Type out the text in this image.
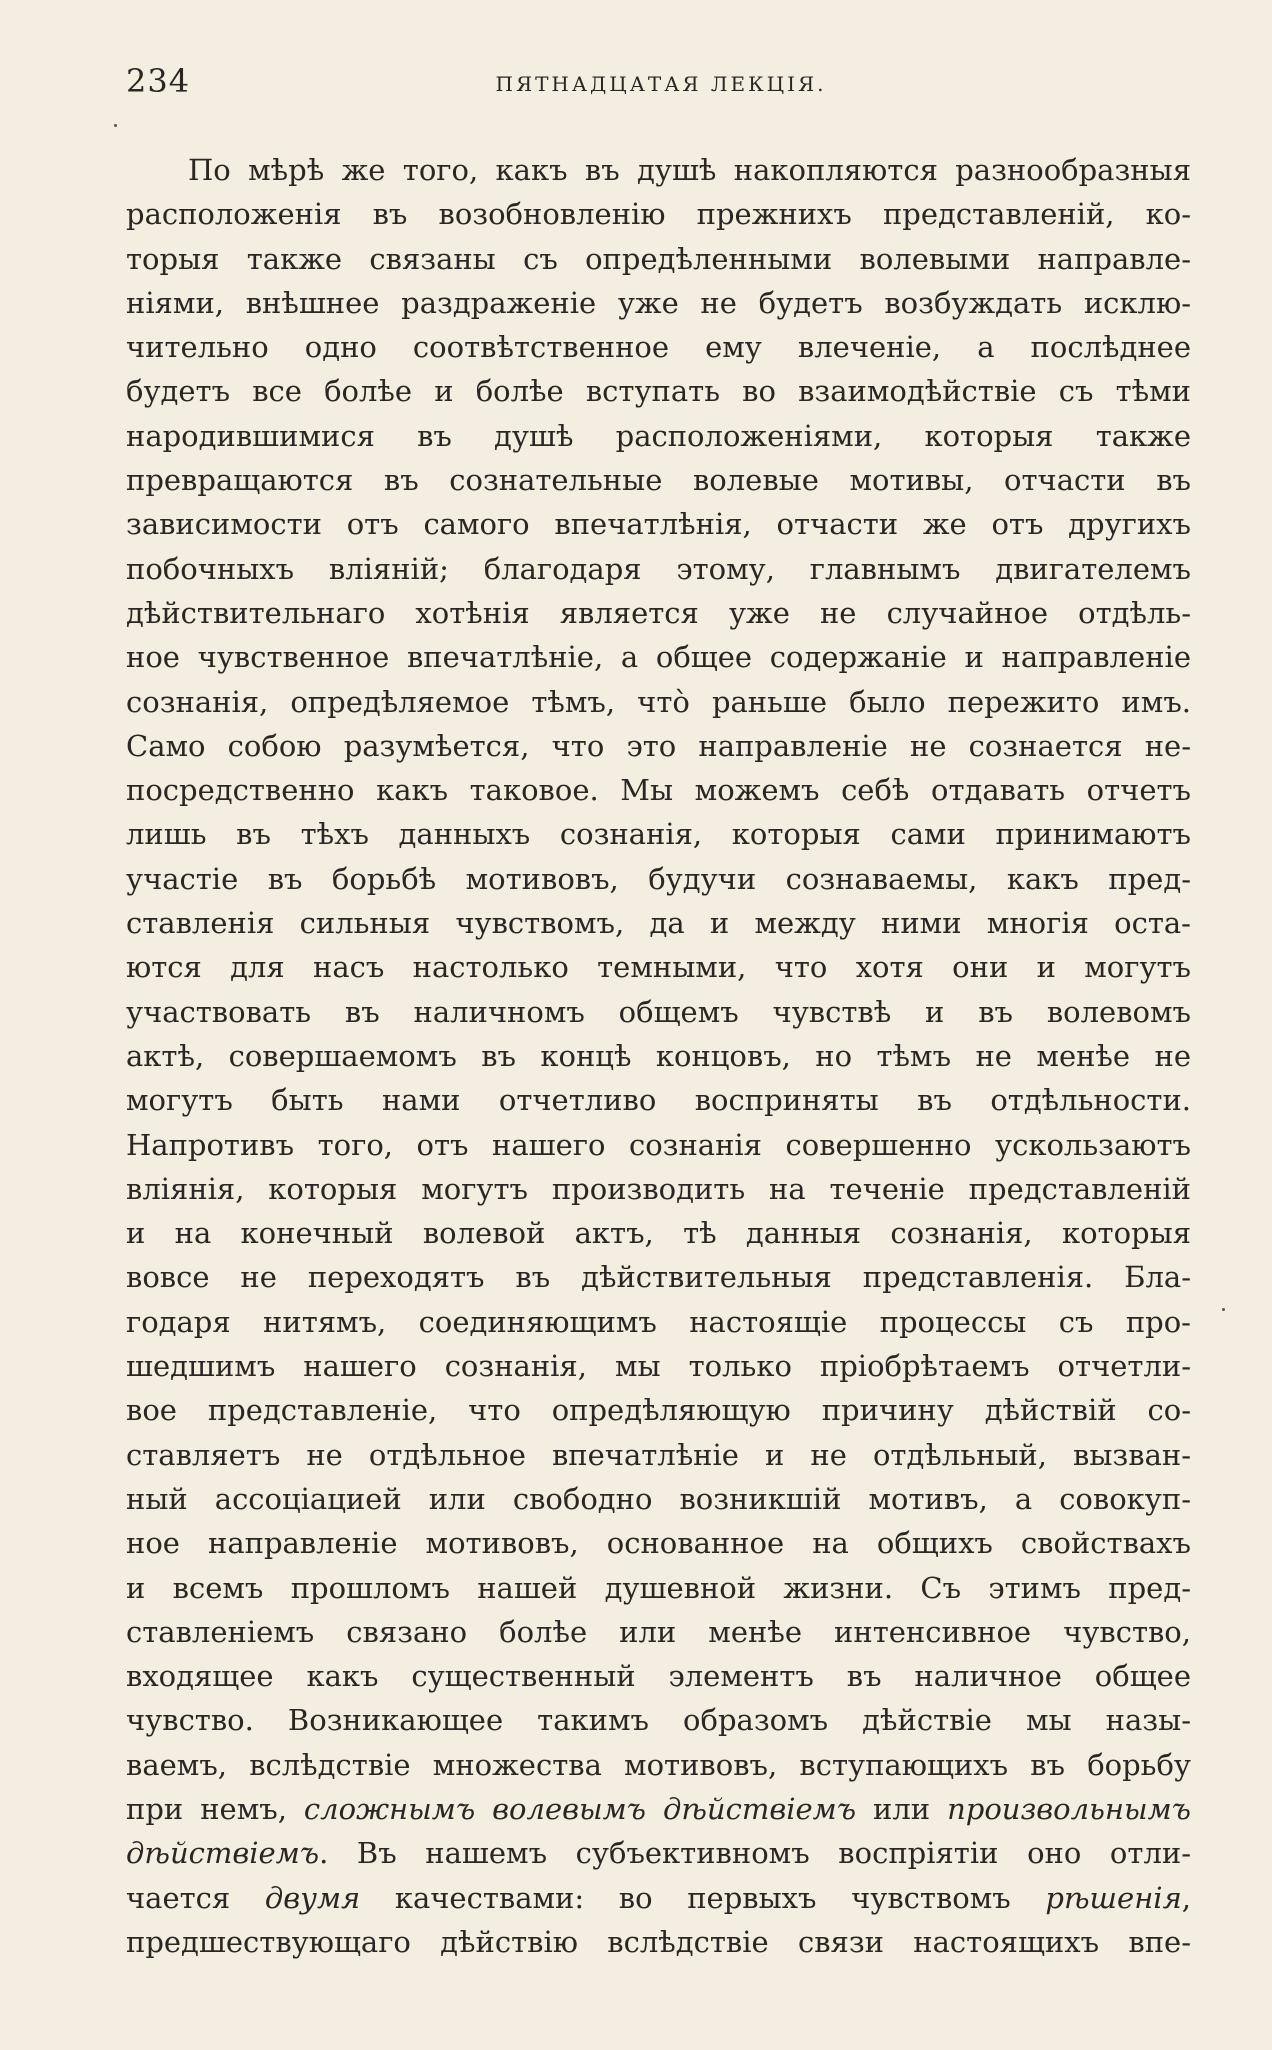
234	ПЯТНАДЦАТАЯ ЛЕКЦIЯ.
По мѣрѣ же того, какъ въ душѣ накопляются разнообразныя
расположенія въ возобновленію прежнихъ представленій, ко-
торыя также связаны съ опредѣленными волевыми направле-
ніями, внѣшнее раздраженіе уже не будетъ возбуждать исклю-
чительно одно соотвѣтственное ему влеченіе, а послѣднее
будетъ все болѣе и болѣе вступать во взаимодѣйствіе съ тѣми
народившимися въ душѣ расположеніями, которыя также
превращаются въ сознательные волевые мотивы, отчасти въ
зависимости отъ самого впечатлѣнія, отчасти же отъ другихъ
побочныхъ вліяній; благодаря этому, главнымъ двигателемъ
дѣйствительнаго хотѣнія является уже не случайное отдѣль-
ное чувственное впечатлѣніе, а общее содержаніе и направленіе
сознанія, опредѣляемое тѣмъ, что̀ раньше было пережито имъ.
Само собою разумѣется, что это направленіе не сознается не-
посредственно какъ таковое. Мы можемъ себѣ отдавать отчетъ
лишь въ тѣхъ данныхъ сознанія, которыя сами принимаютъ
участіе въ борьбѣ мотивовъ, будучи сознаваемы, какъ пред-
ставленія сильныя чувствомъ, да и между ними многія оста-
ются для насъ настолько темными, что хотя они и могутъ
участвовать въ наличномъ общемъ чувствѣ и въ волевомъ
актѣ, совершаемомъ въ концѣ концовъ, но тѣмъ не менѣе не
могутъ быть нами отчетливо восприняты въ отдѣльности.
Напротивъ того, отъ нашего сознанія совершенно ускользаютъ
вліянія, которыя могутъ производить на теченіе представленій
и на конечный волевой актъ, тѣ данныя сознанія, которыя
вовсе не переходятъ въ дѣйствительныя представленія. Бла-
годаря нитямъ, соединяющимъ настоящіе процессы съ про-
шедшимъ нашего сознанія, мы только пріобрѣтаемъ отчетли-
вое представленіе, что опредѣляющую причину дѣйствій со-
ставляетъ не отдѣльное впечатлѣніе и не отдѣльный, вызван-
ный ассоціацией или свободно возникшій мотивъ, а совокуп-
ное направленіе мотивовъ, основанное на общихъ свойствахъ
и всемъ прошломъ нашей душевной жизни. Съ этимъ пред-
ставленіемъ связано болѣе или менѣе интенсивное чувство,
входящее какъ существенный элементъ въ наличное общее
чувство. Возникающее такимъ образомъ дѣйствіе мы назы-
ваемъ, вслѣдствіе множества мотивовъ, вступающихъ въ борьбу
при немъ, сложнымъ волевымъ дѣйствіемъ или произвольнымъ
дѣйствіемъ. Въ нашемъ субъективномъ воспріятіи оно отли-
чается двумя качествами: во первыхъ чувствомъ рѣшенія,
предшествующаго дѣйствію вслѣдствіе связи настоящихъ впе-
